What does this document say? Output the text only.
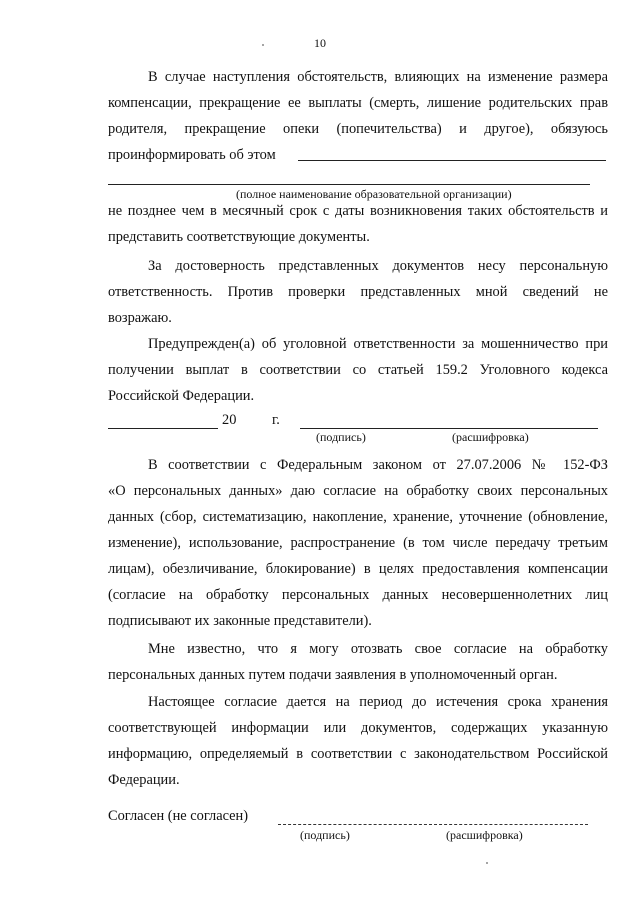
10
В случае наступления обстоятельств, влияющих на изменение размера
компенсации, прекращение ее выплаты (смерть, лишение родительских прав
родителя, прекращение опеки (попечительства) и другое), обязуюсь
проинформировать об этом
(полное наименование образовательной организации)
не позднее чем в месячный срок с даты возникновения таких обстоятельств и
представить соответствующие документы.
За достоверность представленных документов несу персональную
ответственность. Против проверки представленных мной сведений не
возражаю.
Предупрежден(а) об уголовной ответственности за мошенничество при
получении выплат в соответствии со статьей 159.2 Уголовного кодекса
Российской Федерации.
20 г.
(подпись)	(расшифровка)
В соответствии с Федеральным законом от 27.07.2006 № 152-ФЗ
«О персональных данных» даю согласие на обработку своих персональных
данных (сбор, систематизацию, накопление, хранение, уточнение (обновление,
изменение), использование, распространение (в том числе передачу третьим
лицам), обезличивание, блокирование) в целях предоставления компенсации
(согласие на обработку персональных данных несовершеннолетних лиц
подписывают их законные представители).
Мне известно, что я могу отозвать свое согласие на обработку
персональных данных путем подачи заявления в уполномоченный орган.
Настоящее согласие дается на период до истечения срока хранения
соответствующей информации или документов, содержащих указанную
информацию, определяемый в соответствии с законодательством Российской
Федерации.
Согласен (не согласен)
(подпись)	(расшифровка)
